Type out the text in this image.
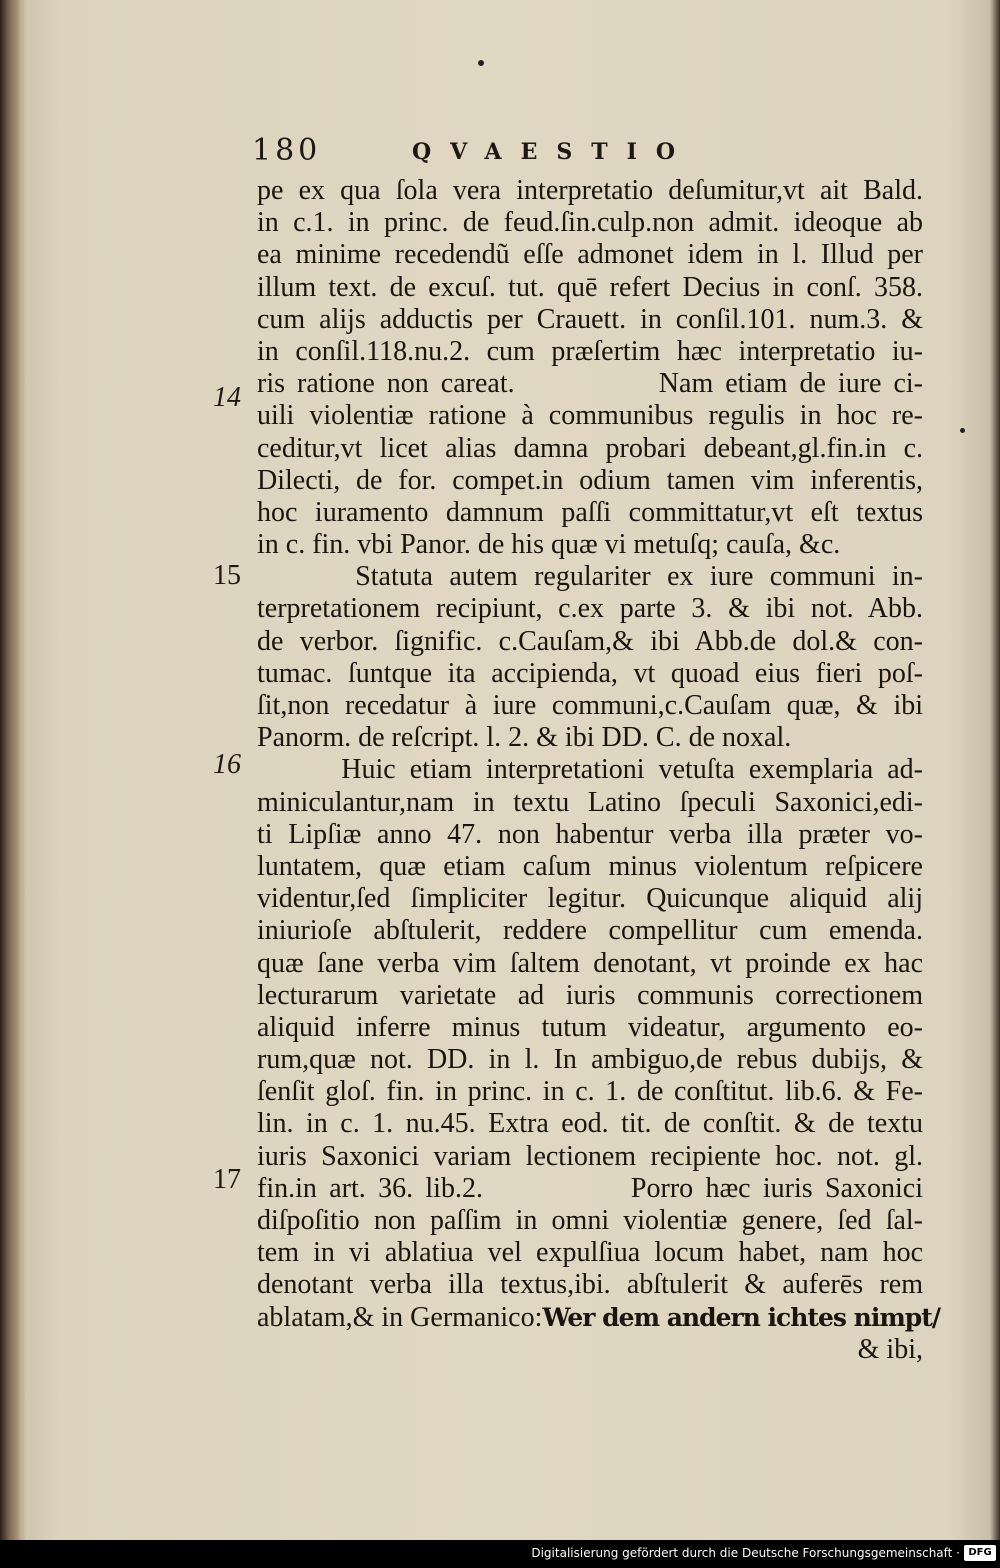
180	QVAESTIO
14
15
16
17
pe ex qua ſola vera interpretatio deſumitur,vt ait Bald.
in c.1. in princ. de feud.ſin.culp.non admit. ideoque ab
ea minime recedendũ eſſe admonet idem in l. Illud per
illum text. de excuſ. tut. quē refert Decius in conſ. 358.
cum alijs adductis per Crauett. in conſil.101. num.3. &
in conſil.118.nu.2. cum præſertim hæc interpretatio iu-
ris ratione non careat.            Nam etiam de iure ci-
uili violentiæ ratione à communibus regulis in hoc re-
ceditur,vt licet alias damna probari debeant,gl.fin.in c.
Dilecti, de for. compet.in odium tamen vim inferentis,
hoc iuramento damnum paſſi committatur,vt eſt textus
in c. fin. vbi Panor. de his quæ vi metuſq; cauſa, &c.
Statuta autem regulariter ex iure communi in-
terpretationem recipiunt, c.ex parte 3. & ibi not. Abb.
de verbor. ſignific. c.Cauſam,& ibi Abb.de dol.& con-
tumac. ſuntque ita accipienda, vt quoad eius fieri poſ-
ſit,non recedatur à iure communi,c.Cauſam quæ, & ibi
Panorm. de reſcript. l. 2. & ibi DD. C. de noxal.
Huic etiam interpretationi vetuſta exemplaria ad-
miniculantur,nam in textu Latino ſpeculi Saxonici,edi-
ti Lipſiæ anno 47. non habentur verba illa præter vo-
luntatem, quæ etiam caſum minus violentum reſpicere
videntur,ſed ſimpliciter legitur. Quicunque aliquid alij
iniurioſe abſtulerit, reddere compellitur cum emenda.
quæ ſane verba vim ſaltem denotant, vt proinde ex hac
lecturarum varietate ad iuris communis correctionem
aliquid inferre minus tutum videatur, argumento eo-
rum,quæ not. DD. in l. In ambiguo,de rebus dubijs, &
ſenſit gloſ. fin. in princ. in c. 1. de conſtitut. lib.6. & Fe-
lin. in c. 1. nu.45. Extra eod. tit. de conſtit. & de textu
iuris Saxonici variam lectionem recipiente hoc. not. gl.
fin.in art. 36. lib.2.            Porro hæc iuris Saxonici
diſpoſitio non paſſim in omni violentiæ genere, ſed ſal-
tem in vi ablatiua vel expulſiua locum habet, nam hoc
denotant verba illa textus,ibi. abſtulerit & auferēs rem
ablatam,& in Germanico:Wer dem andern ichtes nimpt/
& ibi,
Digitalisierung gefördert durch die Deutsche Forschungsgemeinschaft · DFG
